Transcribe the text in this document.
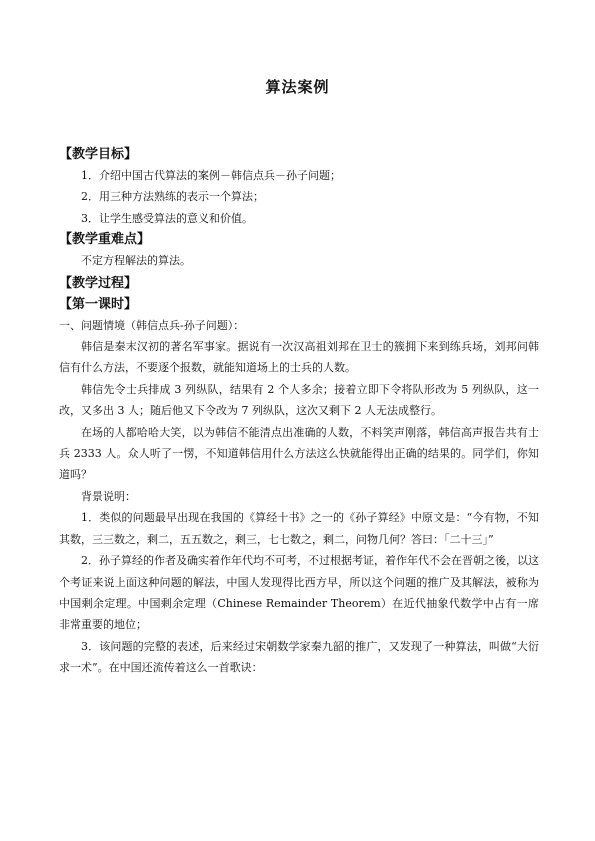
算法案例
【教学目标】
1．介绍中国古代算法的案例－韩信点兵－孙子问题；
2．用三种方法熟练的表示一个算法；
3．让学生感受算法的意义和价值。
【教学重难点】
不定方程解法的算法。
【教学过程】
【第一课时】
一、问题情境（韩信点兵-孙子问题）：
韩信是秦末汉初的著名军事家。据说有一次汉高祖刘邦在卫士的簇拥下来到练兵场，刘邦问韩信有什么方法，不要逐个报数，就能知道场上的士兵的人数。
韩信先令士兵排成 3 列纵队，结果有 2 个人多余；接着立即下令将队形改为 5 列纵队，这一改，又多出 3 人；随后他又下令改为 7 列纵队，这次又剩下 2 人无法成整行。
在场的人都哈哈大笑，以为韩信不能清点出准确的人数，不料笑声刚落，韩信高声报告共有士兵 2333 人。众人听了一愣，不知道韩信用什么方法这么快就能得出正确的结果的。同学们，你知道吗？
背景说明：
1．类似的问题最早出现在我国的《算经十书》之一的《孙子算经》中原文是：“今有物，不知其数，三三数之，剩二，五五数之，剩三，七七数之，剩二，问物几何？答曰：「二十三」”
2．孙子算经的作者及确实着作年代均不可考，不过根据考证，着作年代不会在晋朝之後，以这个考证来说上面这种问题的解法，中国人发现得比西方早，所以这个问题的推广及其解法，被称为中国剩余定理。中国剩余定理（Chinese Remainder Theorem）在近代抽象代数学中占有一席非常重要的地位；
3．该问题的完整的表述，后来经过宋朝数学家秦九韶的推广，又发现了一种算法，叫做“大衍求一术”。在中国还流传着这么一首歌诀：
